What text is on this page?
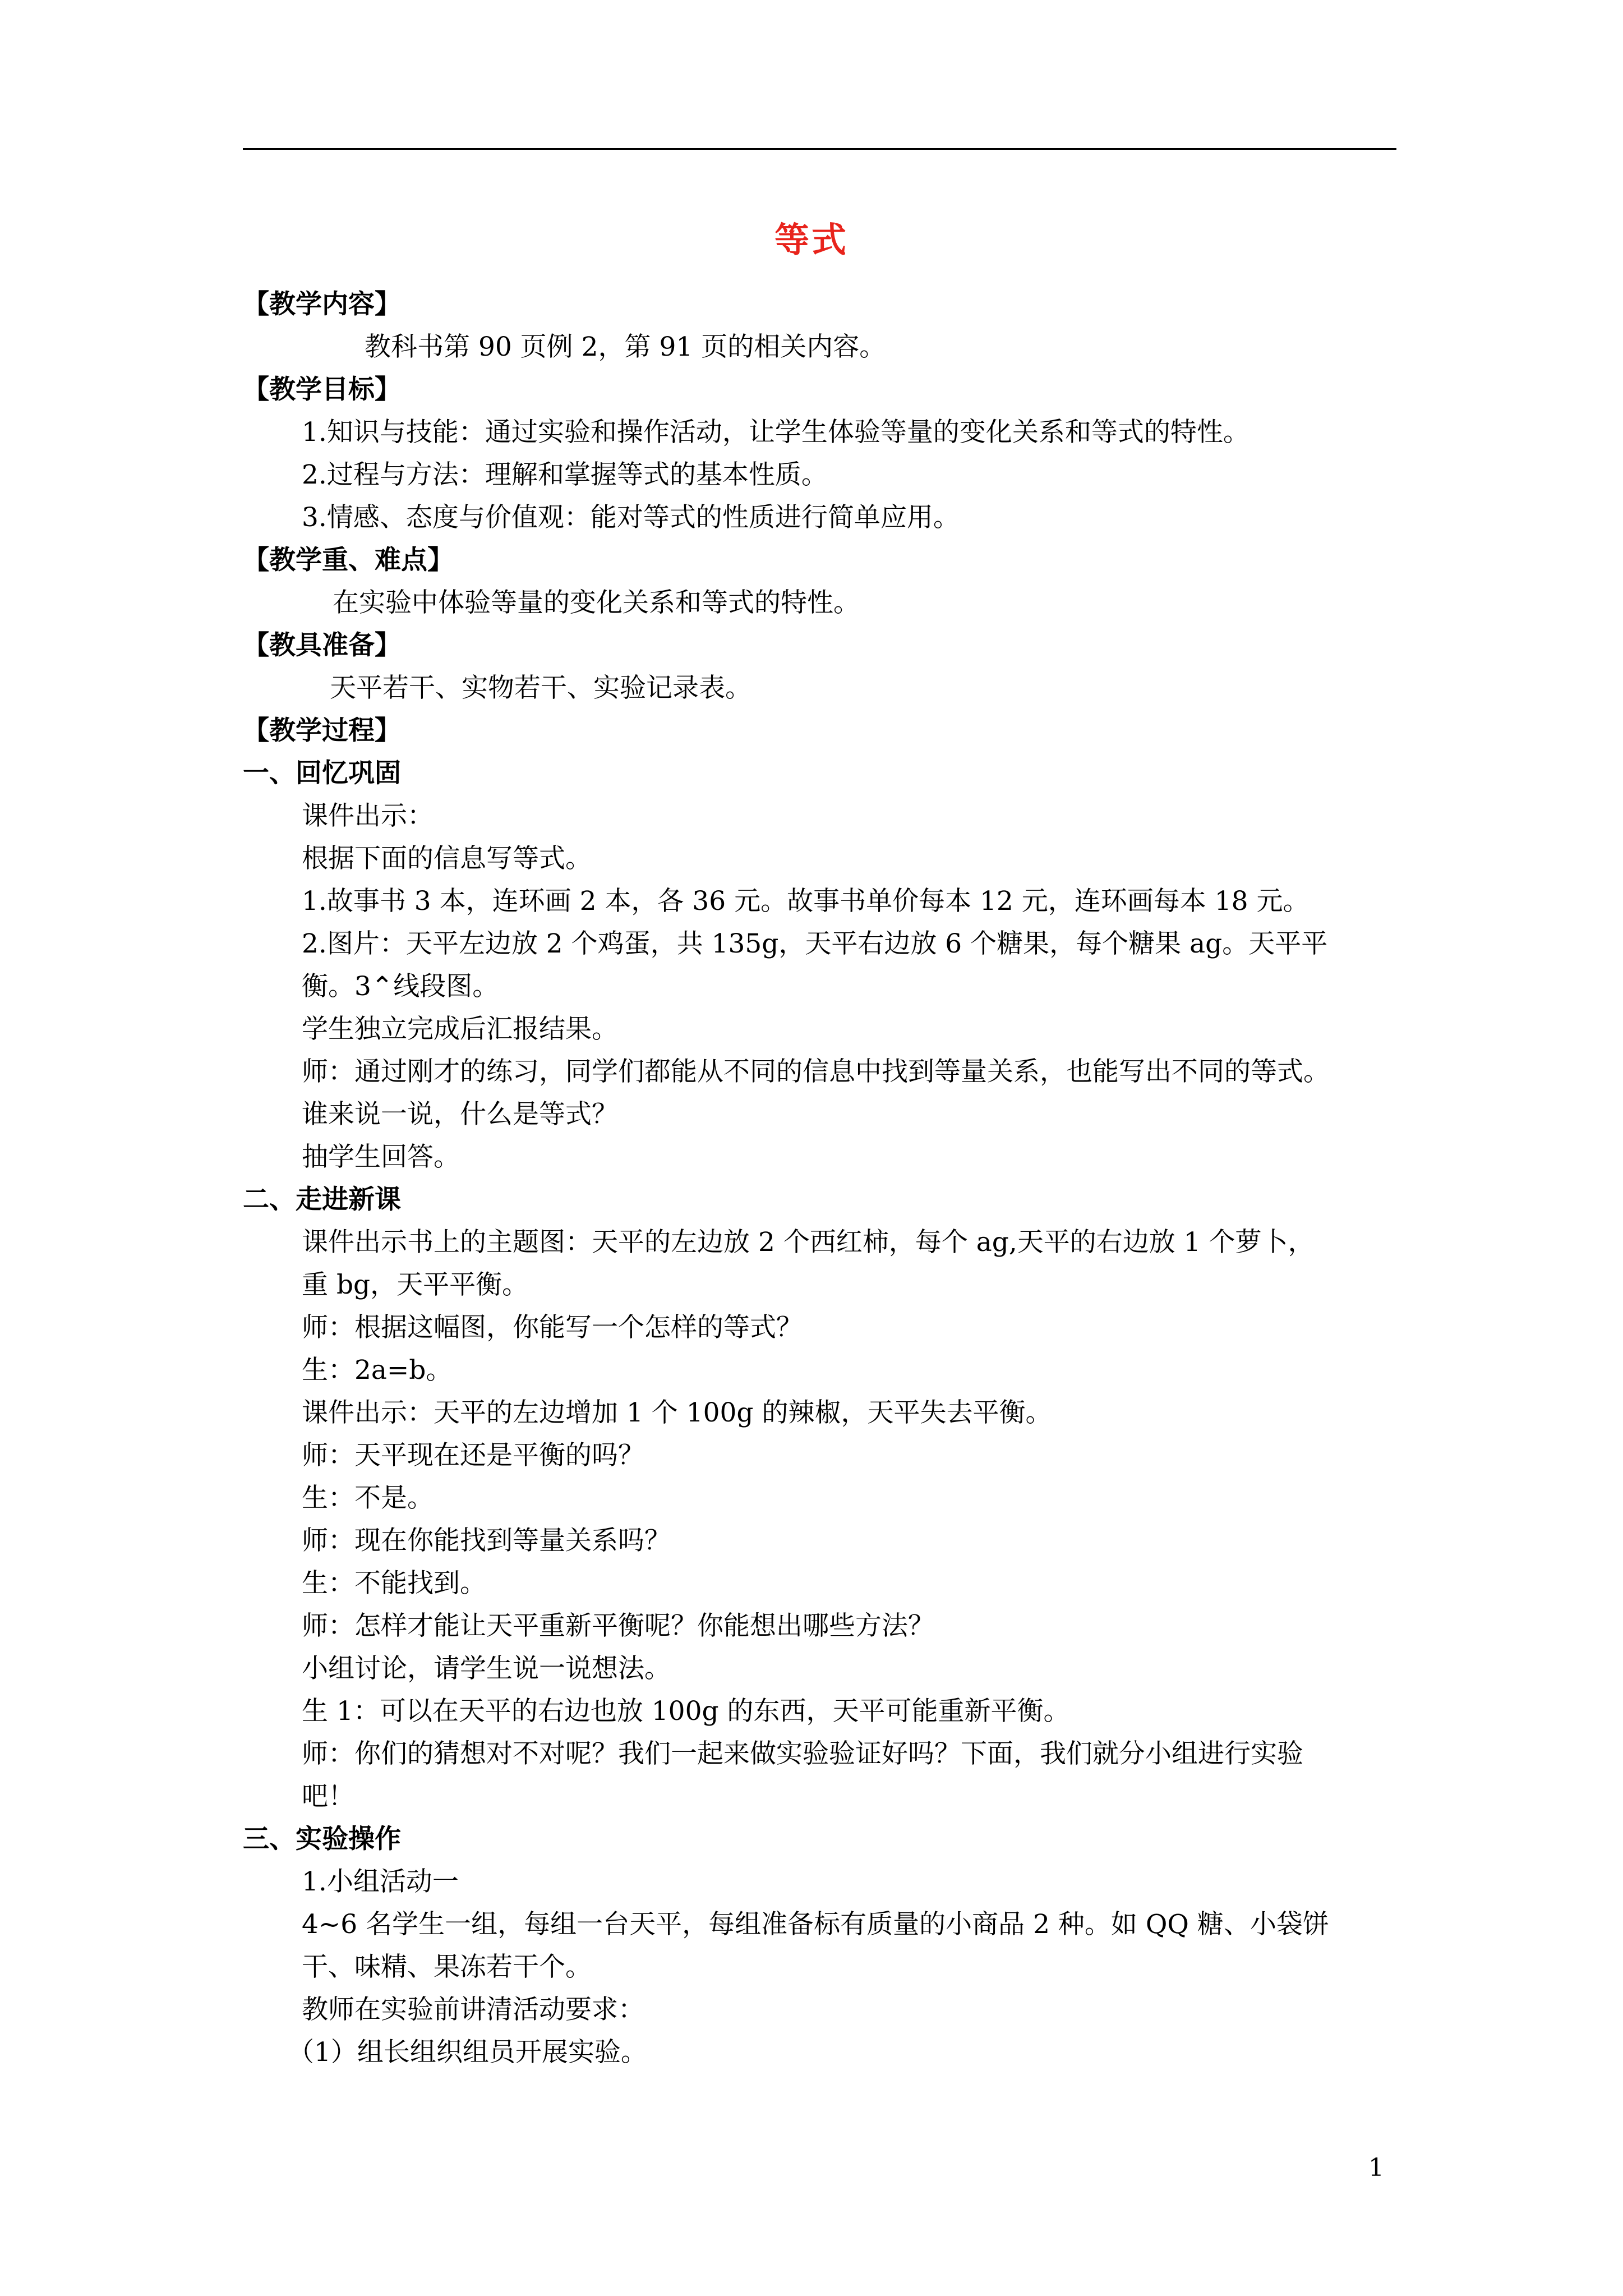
等式
【教学内容】
教科书第 90 页例 2，第 91 页的相关内容。
【教学目标】
1.知识与技能：通过实验和操作活动，让学生体验等量的变化关系和等式的特性。
2.过程与方法：理解和掌握等式的基本性质。
3.情感、态度与价值观：能对等式的性质进行简单应用。
【教学重、难点】
在实验中体验等量的变化关系和等式的特性。
【教具准备】
天平若干、实物若干、实验记录表。
【教学过程】
一、回忆巩固
课件出示：
根据下面的信息写等式。
1.故事书 3 本，连环画 2 本，各 36 元。故事书单价每本 12 元，连环画每本 18 元。
2.图片：天平左边放 2 个鸡蛋，共 135g，天平右边放 6 个糖果，每个糖果 ag。天平平
衡。3⌃线段图。
学生独立完成后汇报结果。
师：通过刚才的练习，同学们都能从不同的信息中找到等量关系，也能写出不同的等式。
谁来说一说，什么是等式？
抽学生回答。
二、走进新课
课件出示书上的主题图：天平的左边放 2 个西红柿，每个 ag,天平的右边放 1 个萝卜，
重 bg，天平平衡。
师：根据这幅图，你能写一个怎样的等式？
生：2a=b。
课件出示：天平的左边增加 1 个 100g 的辣椒，天平失去平衡。
师：天平现在还是平衡的吗？
生：不是。
师：现在你能找到等量关系吗？
生：不能找到。
师：怎样才能让天平重新平衡呢？你能想出哪些方法？
小组讨论，请学生说一说想法。
生 1：可以在天平的右边也放 100g 的东西，天平可能重新平衡。
师：你们的猜想对不对呢？我们一起来做实验验证好吗？下面，我们就分小组进行实验
吧！
三、实验操作
1.小组活动一
4~6 名学生一组，每组一台天平，每组准备标有质量的小商品 2 种。如 QQ 糖、小袋饼
干、味精、果冻若干个。
教师在实验前讲清活动要求：
（1）组长组织组员开展实验。
1
